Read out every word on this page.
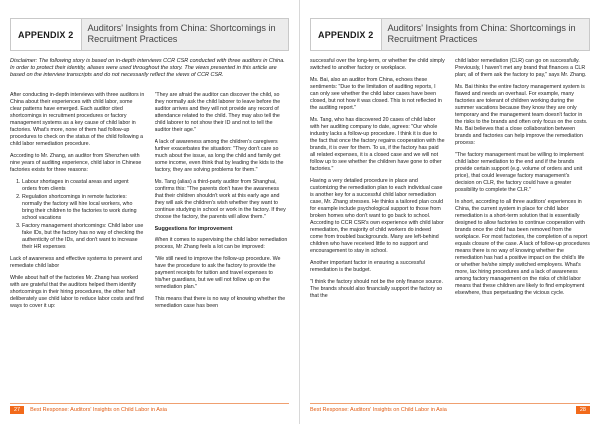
APPENDIX 2
Auditors' Insights from China: Shortcomings in Recruitment Practices

Disclaimer: The following story is based on in-depth interviews CCR CSR conducted with three auditors in China. In order to protect their identity, aliases were used throughout the story. The views presented in this article are based on the interview transcripts and do not necessarily reflect the views of CCR CSR.

After conducting in-depth interviews with three auditors in China about their experiences with child labor, some clear patterns have emerged. Each auditor cited shortcomings in recruitment procedures or factory management systems as a key cause of child labor in factories. What's more, none of them had follow-up procedures to check on the status of the child following a child labor remediation procedure.

According to Mr. Zhang, an auditor from Shenzhen with nine years of auditing experience, child labor in Chinese factories exists for three reasons:

1. Labour shortages in coastal areas and urgent orders from clients
2. Regulation shortcomings in remote factories: normally the factory will hire local workers, who bring their children to the factories to work during school vacations
3. Factory management shortcomings: Child labor use fake IDs, but the factory has no way of checking the authenticity of the IDs, and don't want to increase their HR expenses

Lack of awareness and effective systems to prevent and remediate child labor

While about half of the factories Mr. Zhang has worked with are grateful that the auditors helped them identify shortcomings in their hiring procedures, the other half deliberately use child labor to reduce labor costs and find ways to cover it up:

"They are afraid the auditor can discover the child, so they normally ask the child laborer to leave before the auditor arrives and they will not provide any record of attendance related to the child. They may also tell the child laborer to not show their ID and not to tell the auditor their age."

A lack of awareness among the children's caregivers further exacerbates the situation: "They don't care so much about the issue, as long the child and family get some income, even think that by leading the kids to the factory, they are solving problems for them."

Ms. Tang (alias) a third-party auditor from Shanghai, confirms this: "The parents don't have the awareness that their children shouldn't work at this early age and they will ask the children's wish whether they want to continue studying in school or work in the factory. If they choose the factory, the parents will allow them."

Suggestions for improvement

When it comes to supervising the child labor remediation process, Mr Zhang feels a lot can be improved:

"We still need to improve the follow-up procedure. We have the procedure to ask the factory to provide the payment receipts for tuition and travel expenses to his/her guardians, but we will not follow up on the remediation plan."

This means that there is no way of knowing whether the remediation case has been

27	Best Response: Auditors' Insights on Child Labor in Asia
APPENDIX 2
Auditors' Insights from China: Shortcomings in Recruitment Practices

successful over the long-term, or whether the child simply switched to another factory or workplace.

Ms. Bai, also an auditor from China, echoes these sentiments: "Due to the limitation of auditing reports, I can only see whether the child labor cases have been closed, but not how it was closed. This is not reflected in the auditing report."

Ms. Tang, who has discovered 20 cases of child labor with her auditing company to date, agrees: "Our whole industry lacks a follow-up procedure. I think it is due to the fact that once the factory regains cooperation with the brands, it is over for them. To us, if the factory has paid all related expenses, it is a closed case and we will not follow up to see whether the children have gone to other factories."

Having a very detailed procedure in place and customizing the remediation plan to each individual case is another key for a successful child labor remediation case, Mr. Zhang stresses. He thinks a tailored plan could for example include psychological support to those from broken homes who don't want to go back to school. According to CCR CSR's own experience with child labor remediation, the majority of child workers do indeed come from troubled backgrounds. Many are left-behind children who have received little to no support and encouragement to stay in school.

Another important factor in ensuring a successful remediation is the budget.

"I think the factory should not be the only finance source. The brands should also financially support the factory so that the

child labor remediation (CLR) can go on successfully. Previously, I haven't met any brand that finances a CLR plan; all of them ask the factory to pay," says Mr. Zhang.

Ms. Bai thinks the entire factory management system is flawed and needs an overhaul. For example, many factories are tolerant of children working during the summer vacations because they know they are only temporary and the management team doesn't factor in the risks to the brands and often only focus on the costs. Ms. Bai believes that a close collaboration between brands and factories can help improve the remediation process:

"The factory management must be willing to implement child labor remediation to the end and if the brands provide certain support (e.g. volume of orders and unit price), that could leverage factory management's decision on CLR, the factory could have a greater possibility to complete the CLR."

In short, according to all three auditors' experiences in China, the current system in place for child labor remediation is a short-term solution that is essentially designed to allow factories to continue cooperation with brands once the child has been removed from the workplace. For most factories, the completion of a report equals closure of the case. A lack of follow-up procedures means there is no way of knowing whether the remediation has had a positive impact on the child's life or whether he/she simply switched employers. What's more, lax hiring procedures and a lack of awareness among factory management on the risks of child labor means that these children are likely to find employment elsewhere, thus perpetuating the vicious cycle.

Best Response: Auditors' Insights on Child Labor in Asia	28
